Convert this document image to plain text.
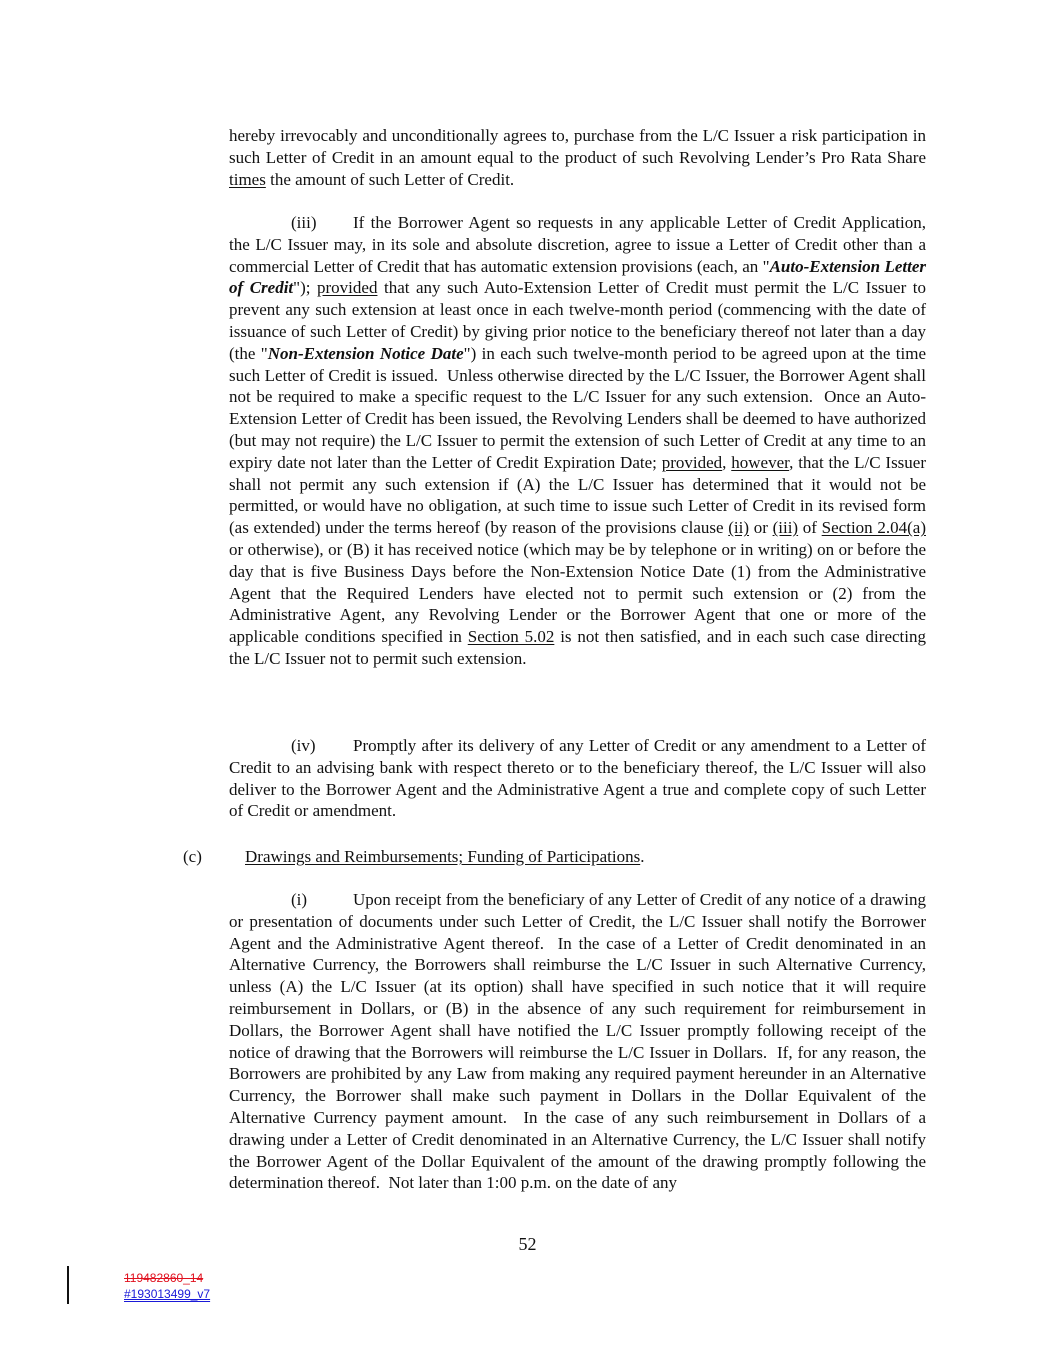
hereby irrevocably and unconditionally agrees to, purchase from the L/C Issuer a risk participation in such Letter of Credit in an amount equal to the product of such Revolving Lender’s Pro Rata Share times the amount of such Letter of Credit.

(iii) If the Borrower Agent so requests in any applicable Letter of Credit Application, the L/C Issuer may, in its sole and absolute discretion, agree to issue a Letter of Credit other than a commercial Letter of Credit that has automatic extension provisions (each, an "Auto-Extension Letter of Credit"); provided that any such Auto-Extension Letter of Credit must permit the L/C Issuer to prevent any such extension at least once in each twelve-month period (commencing with the date of issuance of such Letter of Credit) by giving prior notice to the beneficiary thereof not later than a day (the "Non-Extension Notice Date") in each such twelve-month period to be agreed upon at the time such Letter of Credit is issued.  Unless otherwise directed by the L/C Issuer, the Borrower Agent shall not be required to make a specific request to the L/C Issuer for any such extension.  Once an Auto-Extension Letter of Credit has been issued, the Revolving Lenders shall be deemed to have authorized (but may not require) the L/C Issuer to permit the extension of such Letter of Credit at any time to an expiry date not later than the Letter of Credit Expiration Date; provided, however, that the L/C Issuer shall not permit any such extension if (A) the L/C Issuer has determined that it would not be permitted, or would have no obligation, at such time to issue such Letter of Credit in its revised form (as extended) under the terms hereof (by reason of the provisions clause (ii) or (iii) of Section 2.04(a) or otherwise), or (B) it has received notice (which may be by telephone or in writing) on or before the day that is five Business Days before the Non-Extension Notice Date (1) from the Administrative Agent that the Required Lenders have elected not to permit such extension or (2) from the Administrative Agent, any Revolving Lender or the Borrower Agent that one or more of the applicable conditions specified in Section 5.02 is not then satisfied, and in each such case directing the L/C Issuer not to permit such extension.

(iv) Promptly after its delivery of any Letter of Credit or any amendment to a Letter of Credit to an advising bank with respect thereto or to the beneficiary thereof, the L/C Issuer will also deliver to the Borrower Agent and the Administrative Agent a true and complete copy of such Letter of Credit or amendment.

(c)	Drawings and Reimbursements; Funding of Participations.

(i)	Upon receipt from the beneficiary of any Letter of Credit of any notice of a drawing or presentation of documents under such Letter of Credit, the L/C Issuer shall notify the Borrower Agent and the Administrative Agent thereof.  In the case of a Letter of Credit denominated in an Alternative Currency, the Borrowers shall reimburse the L/C Issuer in such Alternative Currency, unless (A) the L/C Issuer (at its option) shall have specified in such notice that it will require reimbursement in Dollars, or (B) in the absence of any such requirement for reimbursement in Dollars, the Borrower Agent shall have notified the L/C Issuer promptly following receipt of the notice of drawing that the Borrowers will reimburse the L/C Issuer in Dollars.  If, for any reason, the Borrowers are prohibited by any Law from making any required payment hereunder in an Alternative Currency, the Borrower shall make such payment in Dollars in the Dollar Equivalent of the Alternative Currency payment amount.  In the case of any such reimbursement in Dollars of a drawing under a Letter of Credit denominated in an Alternative Currency, the L/C Issuer shall notify the Borrower Agent of the Dollar Equivalent of the amount of the drawing promptly following the determination thereof.  Not later than 1:00 p.m. on the date of any

52
119482860_14
#193013499_v7
